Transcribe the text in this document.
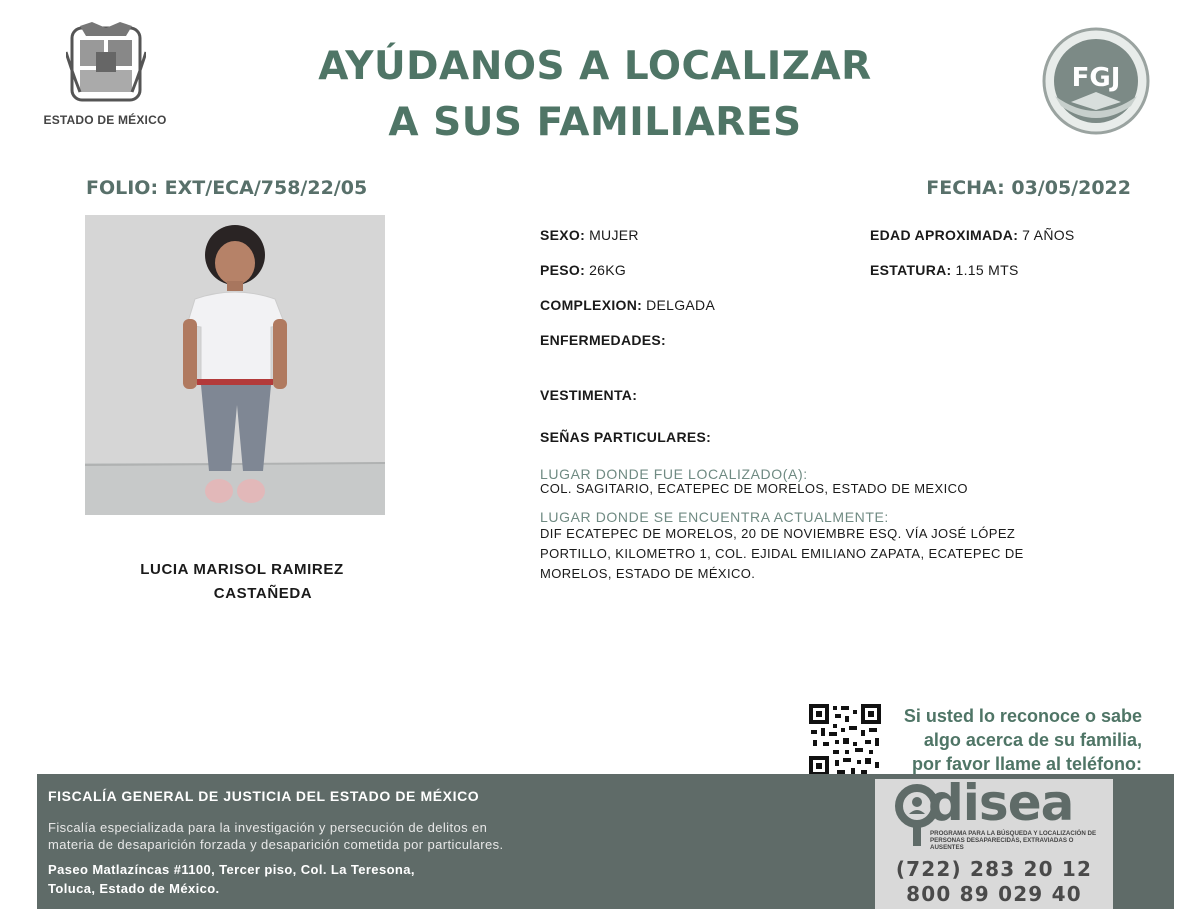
ESTADO DE MÉXICO
AYÚDANOS A LOCALIZAR
A SUS FAMILIARES
FGJ
FOLIO: EXT/ECA/758/22/05	FECHA: 03/05/2022
LUCIA MARISOL RAMIREZ
CASTAÑEDA
SEXO: MUJER	EDAD APROXIMADA: 7 AÑOS
PESO: 26KG	ESTATURA: 1.15 MTS
COMPLEXION: DELGADA
ENFERMEDADES:
VESTIMENTA:
SEÑAS PARTICULARES:
LUGAR DONDE FUE LOCALIZADO(A):
COL. SAGITARIO, ECATEPEC DE MORELOS, ESTADO DE MEXICO
LUGAR DONDE SE ENCUENTRA ACTUALMENTE:
DIF ECATEPEC DE MORELOS, 20 DE NOVIEMBRE ESQ. VÍA JOSÉ LÓPEZ
PORTILLO, KILOMETRO 1, COL. EJIDAL EMILIANO ZAPATA, ECATEPEC DE
MORELOS, ESTADO DE MÉXICO.
Si usted lo reconoce o sabe
algo acerca de su familia,
por favor llame al teléfono:
FISCALÍA GENERAL DE JUSTICIA DEL ESTADO DE MÉXICO
Fiscalía especializada para la investigación y persecución de delitos en
materia de desaparición forzada y desaparición cometida por particulares.
Paseo Matlazíncas #1100, Tercer piso, Col. La Teresona,
Toluca, Estado de México.
disea
PROGRAMA PARA LA BÚSQUEDA Y LOCALIZACIÓN DE PERSONAS DESAPARECIDAS, EXTRAVIADAS O AUSENTES
(722) 283 20 12
800 89 029 40
